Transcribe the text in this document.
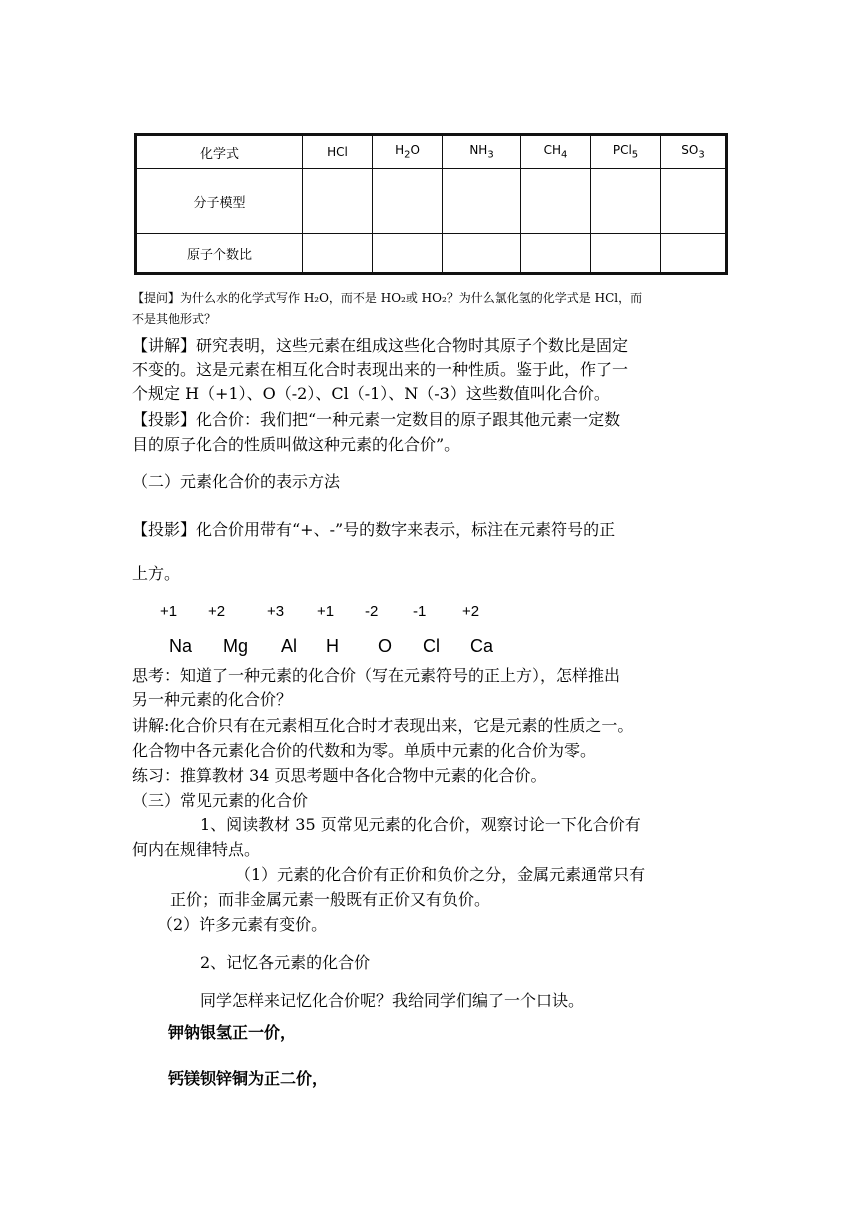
化学式	HCl	$H_2O$	$NH_3$	$CH_4$	PCl$_5$	$SO_3$
分子模型						
原子个数比						
【提问】为什么水的化学式写作 H₂O，而不是 HO₂或 HO₂？为什么氯化氢的化学式是 HCl，而
不是其他形式？
【讲解】研究表明，这些元素在组成这些化合物时其原子个数比是固定
不变的。这是元素在相互化合时表现出来的一种性质。鉴于此，作了一
个规定 H（+1）、O（-2）、Cl（-1）、N（-3）这些数值叫化合价。
【投影】化合价：我们把“一种元素一定数目的原子跟其他元素一定数
目的原子化合的性质叫做这种元素的化合价”。
（二）元素化合价的表示方法
【投影】化合价用带有“+、-”号的数字来表示，标注在元素符号的正
上方。
+1 +2	+3 +1 -2 -1 +2
Na Mg Al H O Cl Ca
思考：知道了一种元素的化合价（写在元素符号的正上方），怎样推出
另一种元素的化合价？
讲解:化合价只有在元素相互化合时才表现出来，它是元素的性质之一。
化合物中各元素化合价的代数和为零。单质中元素的化合价为零。
练习：推算教材 34 页思考题中各化合物中元素的化合价。
（三）常见元素的化合价
1、阅读教材 35 页常见元素的化合价，观察讨论一下化合价有
何内在规律特点。
（1）元素的化合价有正价和负价之分，金属元素通常只有
正价；而非金属元素一般既有正价又有负价。
（2）许多元素有变价。
2、记忆各元素的化合价
同学怎样来记忆化合价呢？我给同学们编了一个口诀。
钾钠银氢正一价，
钙镁钡锌铜为正二价，
